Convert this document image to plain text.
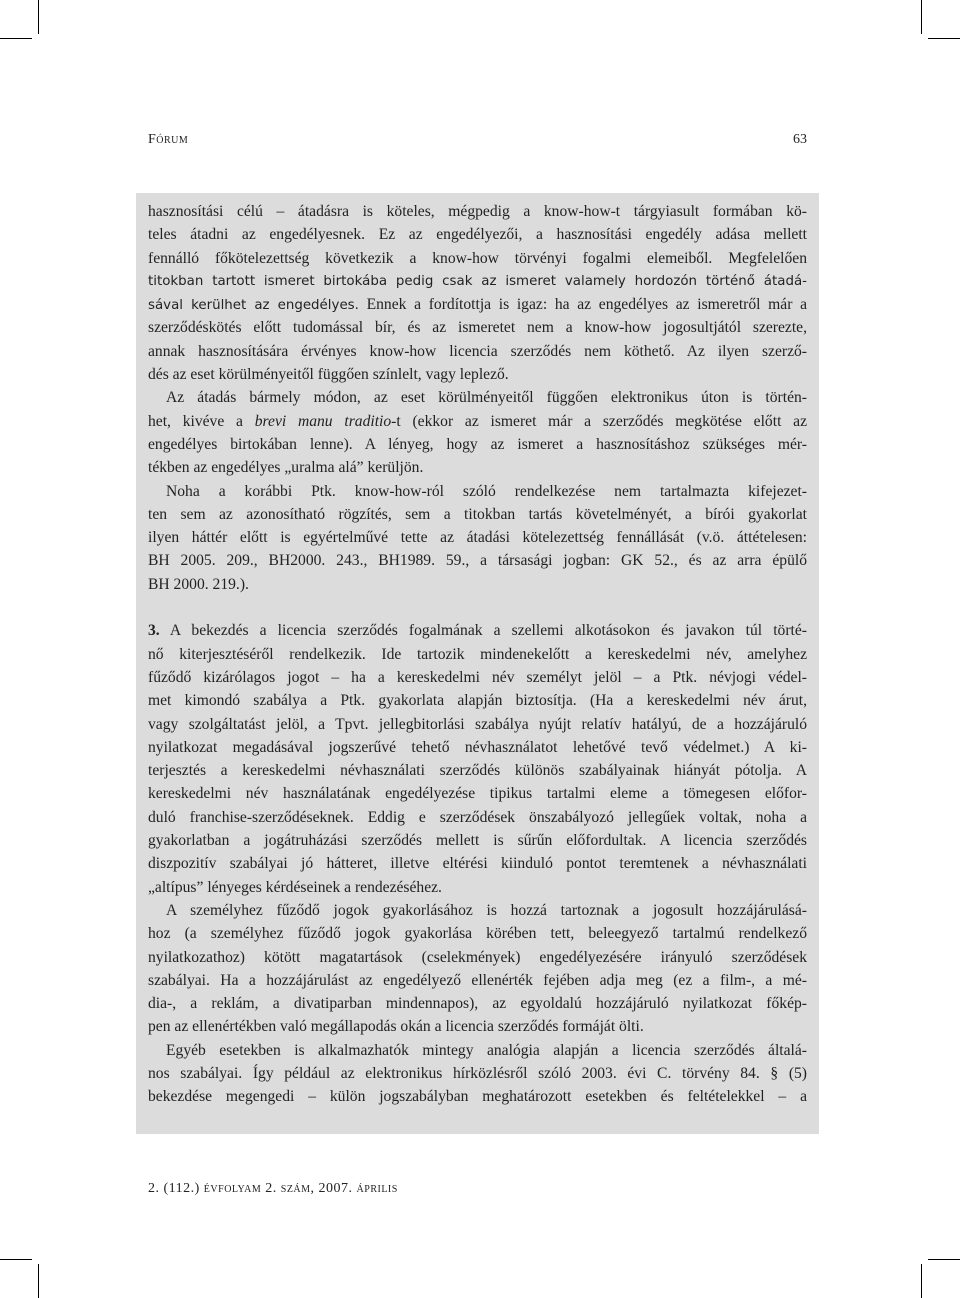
Fórum	63
hasznosítási célú – átadásra is köteles, mégpedig a know-how-t tárgyiasult formában kö-
teles átadni az engedélyesnek. Ez az engedélyezői, a hasznosítási engedély adása mellett
fennálló főkötelezettség következik a know-how törvényi fogalmi elemeiből. Megfelelően
titokban tartott ismeret birtokába pedig csak az ismeret valamely hordozón történő átadá-
sával kerülhet az engedélyes. Ennek a fordítottja is igaz: ha az engedélyes az ismeretről már a
szerződéskötés előtt tudomással bír, és az ismeretet nem a know-how jogosultjától szerezte,
annak hasznosítására érvényes know-how licencia szerződés nem köthető. Az ilyen szerző-
dés az eset körülményeitől függően színlelt, vagy leplező.
Az átadás bármely módon, az eset körülményeitől függően elektronikus úton is történ-
het, kivéve a brevi manu traditio-t (ekkor az ismeret már a szerződés megkötése előtt az
engedélyes birtokában lenne). A lényeg, hogy az ismeret a hasznosításhoz szükséges mér-
tékben az engedélyes „uralma alá” kerüljön.
Noha a korábbi Ptk. know-how-ról szóló rendelkezése nem tartalmazta kifejezet-
ten sem az azonosítható rögzítés, sem a titokban tartás követelményét, a bírói gyakorlat
ilyen háttér előtt is egyértelművé tette az átadási kötelezettség fennállását (v.ö. áttételesen:
BH 2005. 209., BH2000. 243., BH1989. 59., a társasági jogban: GK 52., és az arra épülő
BH 2000. 219.).
3. A bekezdés a licencia szerződés fogalmának a szellemi alkotásokon és javakon túl törté-
nő kiterjesztéséről rendelkezik. Ide tartozik mindenekelőtt a kereskedelmi név, amelyhez
fűződő kizárólagos jogot – ha a kereskedelmi név személyt jelöl – a Ptk. névjogi védel-
met kimondó szabálya a Ptk. gyakorlata alapján biztosítja. (Ha a kereskedelmi név árut,
vagy szolgáltatást jelöl, a Tpvt. jellegbitorlási szabálya nyújt relatív hatályú, de a hozzájáruló
nyilatkozat megadásával jogszerűvé tehető névhasználatot lehetővé tevő védelmet.) A ki-
terjesztés a kereskedelmi névhasználati szerződés különös szabályainak hiányát pótolja. A
kereskedelmi név használatának engedélyezése tipikus tartalmi eleme a tömegesen előfor-
duló franchise-szerződéseknek. Eddig e szerződések önszabályozó jellegűek voltak, noha a
gyakorlatban a jogátruházási szerződés mellett is sűrűn előfordultak. A licencia szerződés
diszpozitív szabályai jó hátteret, illetve eltérési kiinduló pontot teremtenek a névhasználati
„altípus” lényeges kérdéseinek a rendezéséhez.
A személyhez fűződő jogok gyakorlásához is hozzá tartoznak a jogosult hozzájárulásá-
hoz (a személyhez fűződő jogok gyakorlása körében tett, beleegyező tartalmú rendelkező
nyilatkozathoz) kötött magatartások (cselekmények) engedélyezésére irányuló szerződések
szabályai. Ha a hozzájárulást az engedélyező ellenérték fejében adja meg (ez a film-, a mé-
dia-, a reklám, a divatiparban mindennapos), az egyoldalú hozzájáruló nyilatkozat főkép-
pen az ellenértékben való megállapodás okán a licencia szerződés formáját ölti.
Egyéb esetekben is alkalmazhatók mintegy analógia alapján a licencia szerződés általá-
nos szabályai. Így például az elektronikus hírközlésről szóló 2003. évi C. törvény 84. § (5)
bekezdése megengedi – külön jogszabályban meghatározott esetekben és feltételekkel – a
2. (112.) évfolyam 2. szám, 2007. április
